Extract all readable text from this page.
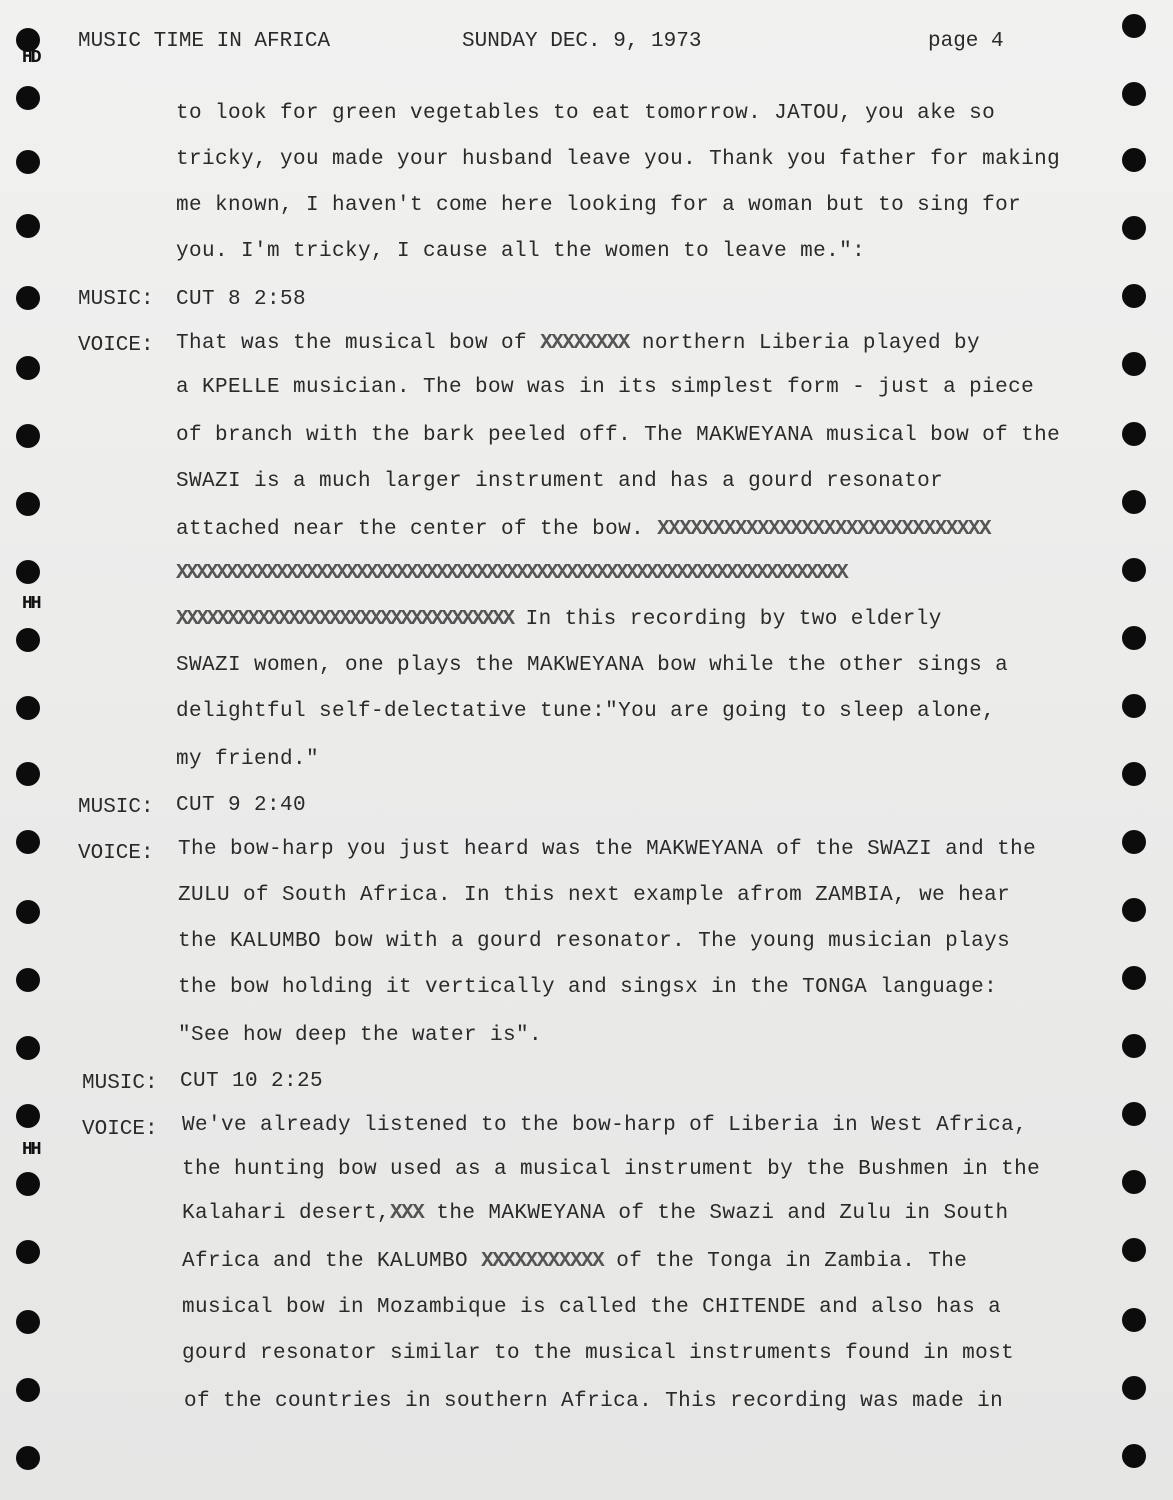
HD
HH
HH
MUSIC TIME IN AFRICA	SUNDAY DEC. 9, 1973	page 4
to look for green vegetables to eat tomorrow. JATOU, you ake so
tricky, you made your husband leave you. Thank you father for making
me known, I haven't come here looking for a woman but to sing for
you. I'm tricky, I cause all the women to leave me.":
MUSIC: CUT 8 2:58
VOICE: That was the musical bow of XXXXXXXX northern Liberia played by
a KPELLE musician. The bow was in its simplest form - just a piece
of branch with the bark peeled off. The MAKWEYANA musical bow of the
SWAZI is a much larger instrument and has a gourd resonator
attached near the center of the bow. XXXXXXXXXXXXXXXXXXXXXXXXXXXXXX
XXXXXXXXXXXXXXXXXXXXXXXXXXXXXXXXXXXXXXXXXXXXXXXXXXXXXXXXXXXXXXXXXXX
XXXXXXXXXXXXXXXXXXXXXXXXXXXXXXXXX In this recording by two elderly
SWAZI women, one plays the MAKWEYANA bow while the other sings a
delightful self-delectative tune:"You are going to sleep alone,
my friend."
MUSIC: CUT 9 2:40
VOICE: The bow-harp you just heard was the MAKWEYANA of the SWAZI and the
ZULU of South Africa. In this next example afrom ZAMBIA, we hear
the KALUMBO bow with a gourd resonator. The young musician plays
the bow holding it vertically and singsx in the TONGA language:
"See how deep the water is".
MUSIC: CUT 10 2:25
VOICE: We've already listened to the bow-harp of Liberia in West Africa,
the hunting bow used as a musical instrument by the Bushmen in the
Kalahari desert,XXX the MAKWEYANA of the Swazi and Zulu in South
Africa and the KALUMBO XXXXXXXXXXX of the Tonga in Zambia. The
musical bow in Mozambique is called the CHITENDE and also has a
gourd resonator similar to the musical instruments found in most
of the countries in southern Africa. This recording was made in
